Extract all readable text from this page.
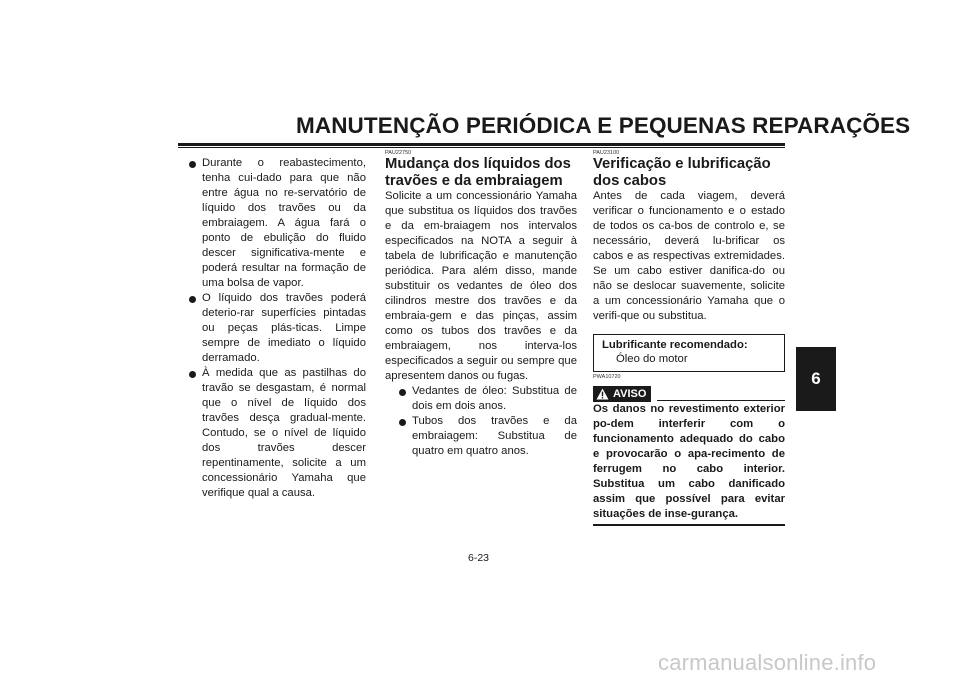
MANUTENÇÃO PERIÓDICA E PEQUENAS REPARAÇÕES
6

Durante o reabastecimento, tenha cui-dado para que não entre água no re-servatório de líquido dos travões ou da embraiagem. A água fará o ponto de ebulição do fluido descer significativa-mente e poderá resultar na formação de uma bolsa de vapor.

O líquido dos travões poderá deterio-rar superfícies pintadas ou peças plás-ticas. Limpe sempre de imediato o líquido derramado.

À medida que as pastilhas do travão se desgastam, é normal que o nível de líquido dos travões desça gradual-mente. Contudo, se o nível de líquido dos travões descer repentinamente, solicite a um concessionário Yamaha que verifique qual a causa.

PAU22750

Mudança dos líquidos dos travões e da embraiagem

Solicite a um concessionário Yamaha que substitua os líquidos dos travões e da em-braiagem nos intervalos especificados na NOTA a seguir à tabela de lubrificação e manutenção periódica. Para além disso, mande substituir os vedantes de óleo dos cilindros mestre dos travões e da embraia-gem e das pinças, assim como os tubos dos travões e da embraiagem, nos interva-los especificados a seguir ou sempre que apresentem danos ou fugas.

Vedantes de óleo: Substitua de dois em dois anos.

Tubos dos travões e da embraiagem: Substitua de quatro em quatro anos.

PAU23100

Verificação e lubrificação dos cabos

Antes de cada viagem, deverá verificar o funcionamento e o estado de todos os ca-bos de controlo e, se necessário, deverá lu-brificar os cabos e as respectivas extremidades. Se um cabo estiver danifica-do ou não se deslocar suavemente, solicite a um concessionário Yamaha que o verifi-que ou substitua.

Lubrificante recomendado:
Óleo do motor
AVISO

PWA10720

Os danos no revestimento exterior po-dem interferir com o funcionamento adequado do cabo e provocarão o apa-recimento de ferrugem no cabo interior. Substitua um cabo danificado assim que possível para evitar situações de inse-gurança.

6-23
carmanualsonline.info
